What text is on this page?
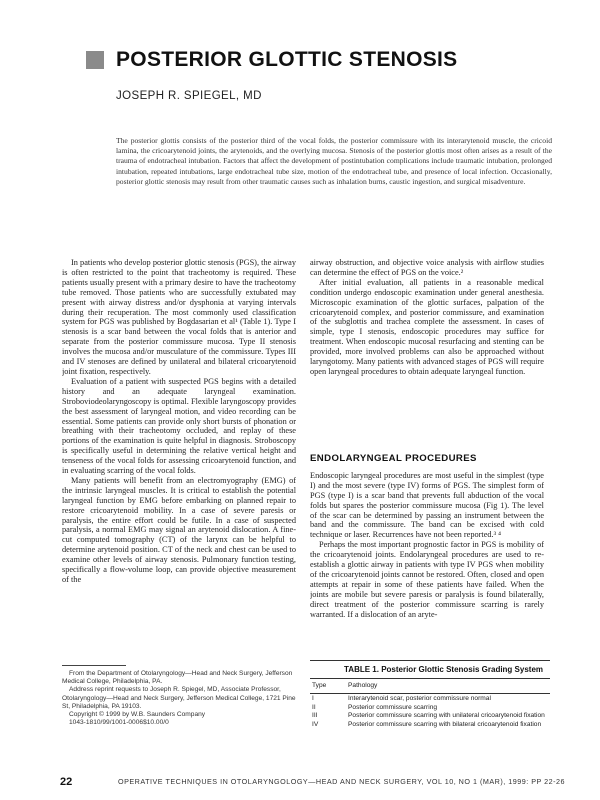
POSTERIOR GLOTTIC STENOSIS
JOSEPH R. SPIEGEL, MD
The posterior glottis consists of the posterior third of the vocal folds, the posterior commissure with its interarytenoid muscle, the cricoid lamina, the cricoarytenoid joints, the arytenoids, and the overlying mucosa. Stenosis of the posterior glottis most often arises as a result of the trauma of endotracheal intubation. Factors that affect the development of postintubation complications include traumatic intubation, prolonged intubation, repeated intubations, large endotracheal tube size, motion of the endotracheal tube, and presence of local infection. Occasionally, posterior glottic stenosis may result from other traumatic causes such as inhalation burns, caustic ingestion, and surgical misadventure.

In patients who develop posterior glottic stenosis (PGS), the airway is often restricted to the point that tracheotomy is required. These patients usually present with a primary desire to have the tracheotomy tube removed. Those patients who are successfully extubated may present with airway distress and/or dysphonia at varying intervals during their recuperation. The most commonly used classification system for PGS was published by Bogdasarian et al¹ (Table 1). Type I stenosis is a scar band between the vocal folds that is anterior and separate from the posterior commissure mucosa. Type II stenosis involves the mucosa and/or musculature of the commissure. Types III and IV stenoses are defined by unilateral and bilateral cricoarytenoid joint fixation, respectively.

Evaluation of a patient with suspected PGS begins with a detailed history and an adequate laryngeal examination. Stroboviodeolaryngoscopy is optimal. Flexible laryngoscopy provides the best assessment of laryngeal motion, and video recording can be essential. Some patients can provide only short bursts of phonation or breathing with their tracheotomy occluded, and replay of these portions of the examination is quite helpful in diagnosis. Stroboscopy is specifically useful in determining the relative vertical height and tenseness of the vocal folds for assessing cricoarytenoid function, and in evaluating scarring of the vocal folds.

Many patients will benefit from an electromyography (EMG) of the intrinsic laryngeal muscles. It is critical to establish the potential laryngeal function by EMG before embarking on planned repair to restore cricoarytenoid mobility. In a case of severe paresis or paralysis, the entire effort could be futile. In a case of suspected paralysis, a normal EMG may signal an arytenoid dislocation. A fine-cut computed tomography (CT) of the larynx can be helpful to determine arytenoid position. CT of the neck and chest can be used to examine other levels of airway stenosis. Pulmonary function testing, specifically a flow-volume loop, can provide objective measurement of the

airway obstruction, and objective voice analysis with airflow studies can determine the effect of PGS on the voice.²

After initial evaluation, all patients in a reasonable medical condition undergo endoscopic examination under general anesthesia. Microscopic examination of the glottic surfaces, palpation of the cricoarytenoid complex, and posterior commissure, and examination of the subglottis and trachea complete the assessment. In cases of simple, type I stenosis, endoscopic procedures may suffice for treatment. When endoscopic mucosal resurfacing and stenting can be provided, more involved problems can also be approached without laryngotomy. Many patients with advanced stages of PGS will require open laryngeal procedures to obtain adequate laryngeal function.

ENDOLARYNGEAL PROCEDURES

Endoscopic laryngeal procedures are most useful in the simplest (type I) and the most severe (type IV) forms of PGS. The simplest form of PGS (type I) is a scar band that prevents full abduction of the vocal folds but spares the posterior commissure mucosa (Fig 1). The level of the scar can be determined by passing an instrument between the band and the commissure. The band can be excised with cold technique or laser. Recurrences have not been reported.³ ⁴

Perhaps the most important prognostic factor in PGS is mobility of the cricoarytenoid joints. Endolaryngeal procedures are used to re-establish a glottic airway in patients with type IV PGS when mobility of the cricoarytenoid joints cannot be restored. Often, closed and open attempts at repair in some of these patients have failed. When the joints are mobile but severe paresis or paralysis is found bilaterally, direct treatment of the posterior commissure scarring is rarely warranted. If a dislocation of an aryte-

From the Department of Otolaryngology—Head and Neck Surgery, Jefferson Medical College, Philadelphia, PA.
Address reprint requests to Joseph R. Spiegel, MD, Associate Professor, Otolaryngology—Head and Neck Surgery, Jefferson Medical College, 1721 Pine St, Philadelphia, PA 19103.
Copyright © 1999 by W.B. Saunders Company
1043-1810/99/1001-0006$10.00/0
TABLE 1. Posterior Glottic Stenosis Grading System
Type	Pathology
I	Interarytenoid scar, posterior commissure normal
II	Posterior commissure scarring
III	Posterior commissure scarring with unilateral cricoarytenoid fixation
IV	Posterior commissure scarring with bilateral cricoarytenoid fixation
22	OPERATIVE TECHNIQUES IN OTOLARYNGOLOGY—HEAD AND NECK SURGERY, VOL 10, NO 1 (MAR), 1999: PP 22-26
